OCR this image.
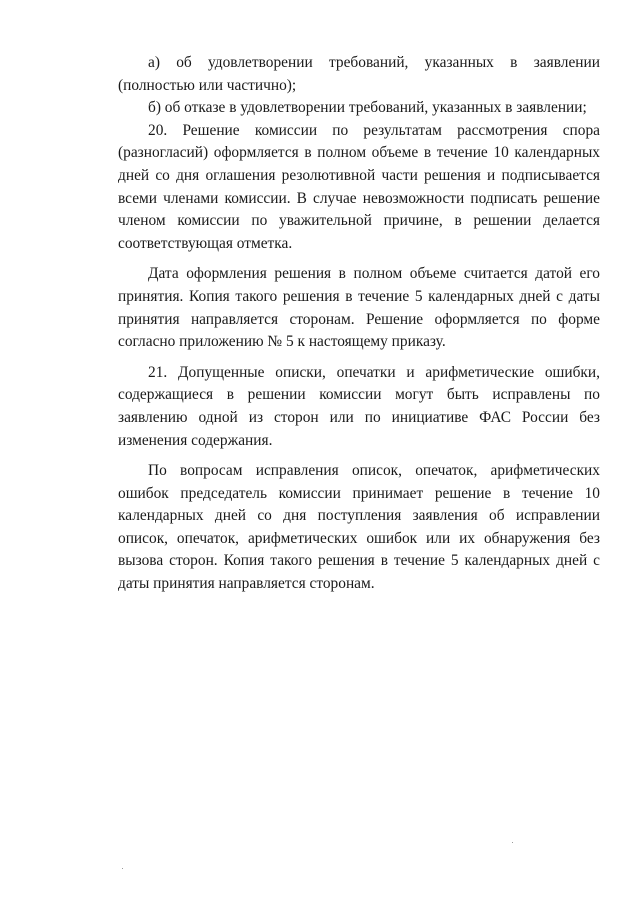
а) об удовлетворении требований, указанных в заявлении (полностью или частично);

б) об отказе в удовлетворении требований, указанных в заявлении;

20. Решение комиссии по результатам рассмотрения спора (разногласий) оформляется в полном объеме в течение 10 календарных дней со дня оглашения резолютивной части решения и подписывается всеми членами комиссии. В случае невозможности подписать решение членом комиссии по уважительной причине, в решении делается соответствующая отметка.

Дата оформления решения в полном объеме считается датой его принятия. Копия такого решения в течение 5 календарных дней с даты принятия направляется сторонам. Решение оформляется по форме согласно приложению № 5 к настоящему приказу.

21. Допущенные описки, опечатки и арифметические ошибки, содержащиеся в решении комиссии могут быть исправлены по заявлению одной из сторон или по инициативе ФАС России без изменения содержания.

По вопросам исправления описок, опечаток, арифметических ошибок председатель комиссии принимает решение в течение 10 календарных дней со дня поступления заявления об исправлении описок, опечаток, арифметических ошибок или их обнаружения без вызова сторон. Копия такого решения в течение 5 календарных дней с даты принятия направляется сторонам.
